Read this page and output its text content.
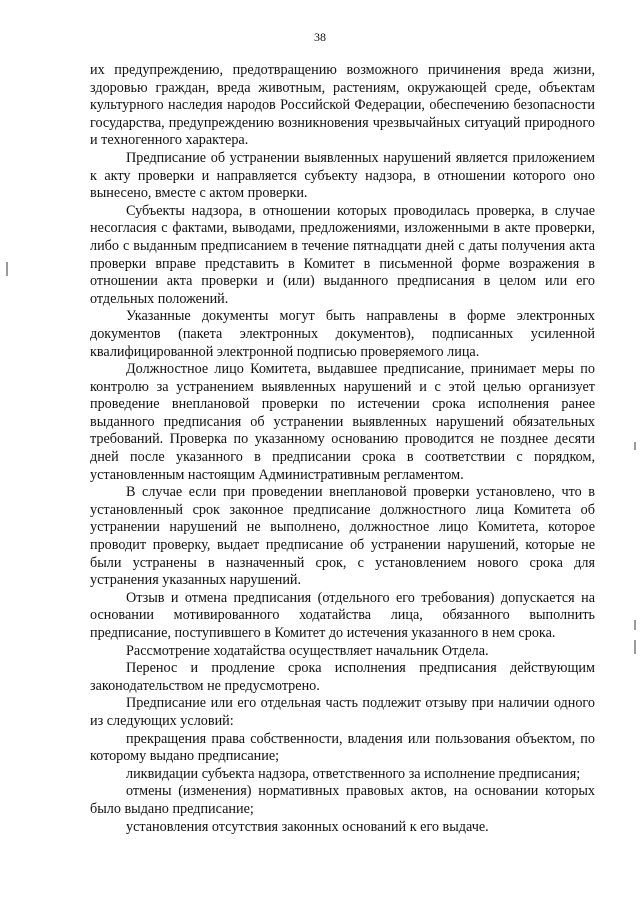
38

их предупреждению, предотвращению возможного причинения вреда жизни, здоровью граждан, вреда животным, растениям, окружающей среде, объектам культурного наследия народов Российской Федерации, обеспечению безопасности государства, предупреждению возникновения чрезвычайных ситуаций природного и техногенного характера.

Предписание об устранении выявленных нарушений является приложением к акту проверки и направляется субъекту надзора, в отношении которого оно вынесено, вместе с актом проверки.

Субъекты надзора, в отношении которых проводилась проверка, в случае несогласия с фактами, выводами, предложениями, изложенными в акте проверки, либо с выданным предписанием в течение пятнадцати дней с даты получения акта проверки вправе представить в Комитет в письменной форме возражения в отношении акта проверки и (или) выданного предписания в целом или его отдельных положений.

Указанные документы могут быть направлены в форме электронных документов (пакета электронных документов), подписанных усиленной квалифицированной электронной подписью проверяемого лица.

Должностное лицо Комитета, выдавшее предписание, принимает меры по контролю за устранением выявленных нарушений и с этой целью организует проведение внеплановой проверки по истечении срока исполнения ранее выданного предписания об устранении выявленных нарушений обязательных требований. Проверка по указанному основанию проводится не позднее десяти дней после указанного в предписании срока в соответствии с порядком, установленным настоящим Административным регламентом.

В случае если при проведении внеплановой проверки установлено, что в установленный срок законное предписание должностного лица Комитета об устранении нарушений не выполнено, должностное лицо Комитета, которое проводит проверку, выдает предписание об устранении нарушений, которые не были устранены в назначенный срок, с установлением нового срока для устранения указанных нарушений.

Отзыв и отмена предписания (отдельного его требования) допускается на основании мотивированного ходатайства лица, обязанного выполнить предписание, поступившего в Комитет до истечения указанного в нем срока.

Рассмотрение ходатайства осуществляет начальник Отдела.

Перенос и продление срока исполнения предписания действующим законодательством не предусмотрено.

Предписание или его отдельная часть подлежит отзыву при наличии одного из следующих условий:

прекращения права собственности, владения или пользования объектом, по которому выдано предписание;

ликвидации субъекта надзора, ответственного за исполнение предписания;

отмены (изменения) нормативных правовых актов, на основании которых было выдано предписание;

установления отсутствия законных оснований к его выдаче.
